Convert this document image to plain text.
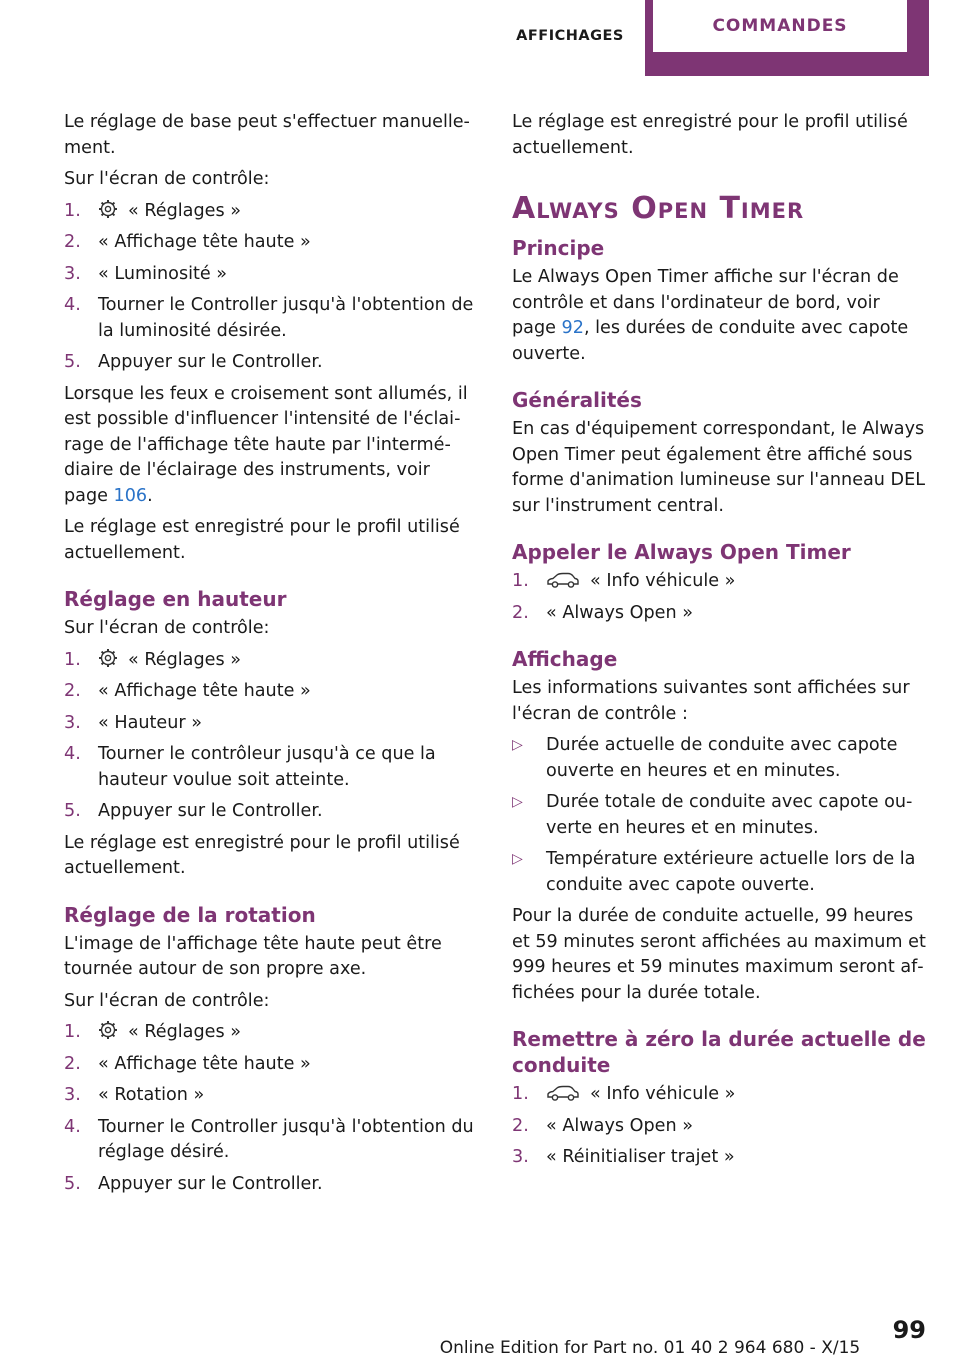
AFFICHAGES	COMMANDES

Le réglage de base peut s'effectuer manuellement.

Sur l'écran de contrôle:

1.	« Réglages »
2. « Affichage tête haute »
3. « Luminosité »
4. Tourner le Controller jusqu'à l'obtention de la luminosité désirée.
5. Appuyer sur le Controller.

Lorsque les feux e croisement sont allumés, il est possible d'influencer l'intensité de l'éclairage de l'affichage tête haute par l'intermédiaire de l'éclairage des instruments, voir page 106.

Le réglage est enregistré pour le profil utilisé actuellement.

Réglage en hauteur

Sur l'écran de contrôle:

1.	« Réglages »
2. « Affichage tête haute »
3. « Hauteur »
4. Tourner le contrôleur jusqu'à ce que la hauteur voulue soit atteinte.
5. Appuyer sur le Controller.

Le réglage est enregistré pour le profil utilisé actuellement.

Réglage de la rotation

L'image de l'affichage tête haute peut être tournée autour de son propre axe.

Sur l'écran de contrôle:

1.	« Réglages »
2. « Affichage tête haute »
3. « Rotation »
4. Tourner le Controller jusqu'à l'obtention du réglage désiré.
5. Appuyer sur le Controller.

Le réglage est enregistré pour le profil utilisé actuellement.

Always Open Timer
Principe

Le Always Open Timer affiche sur l'écran de contrôle et dans l'ordinateur de bord, voir page 92, les durées de conduite avec capote ouverte.

Généralités

En cas d'équipement correspondant, le Always Open Timer peut également être affiché sous forme d'animation lumineuse sur l'anneau DEL sur l'instrument central.

Appeler le Always Open Timer
1.	« Info véhicule »
2. « Always Open »
Affichage

Les informations suivantes sont affichées sur l'écran de contrôle :

▷	Durée actuelle de conduite avec capote ouverte en heures et en minutes.
▷	Durée totale de conduite avec capote ouverte en heures et en minutes.
▷	Température extérieure actuelle lors de la conduite avec capote ouverte.

Pour la durée de conduite actuelle, 99 heures et 59 minutes seront affichées au maximum et 999 heures et 59 minutes maximum seront affichées pour la durée totale.

Remettre à zéro la durée actuelle de conduite
1.	« Info véhicule »
2. « Always Open »
3. « Réinitialiser trajet »
99
Online Edition for Part no. 01 40 2 964 680 - X/15
